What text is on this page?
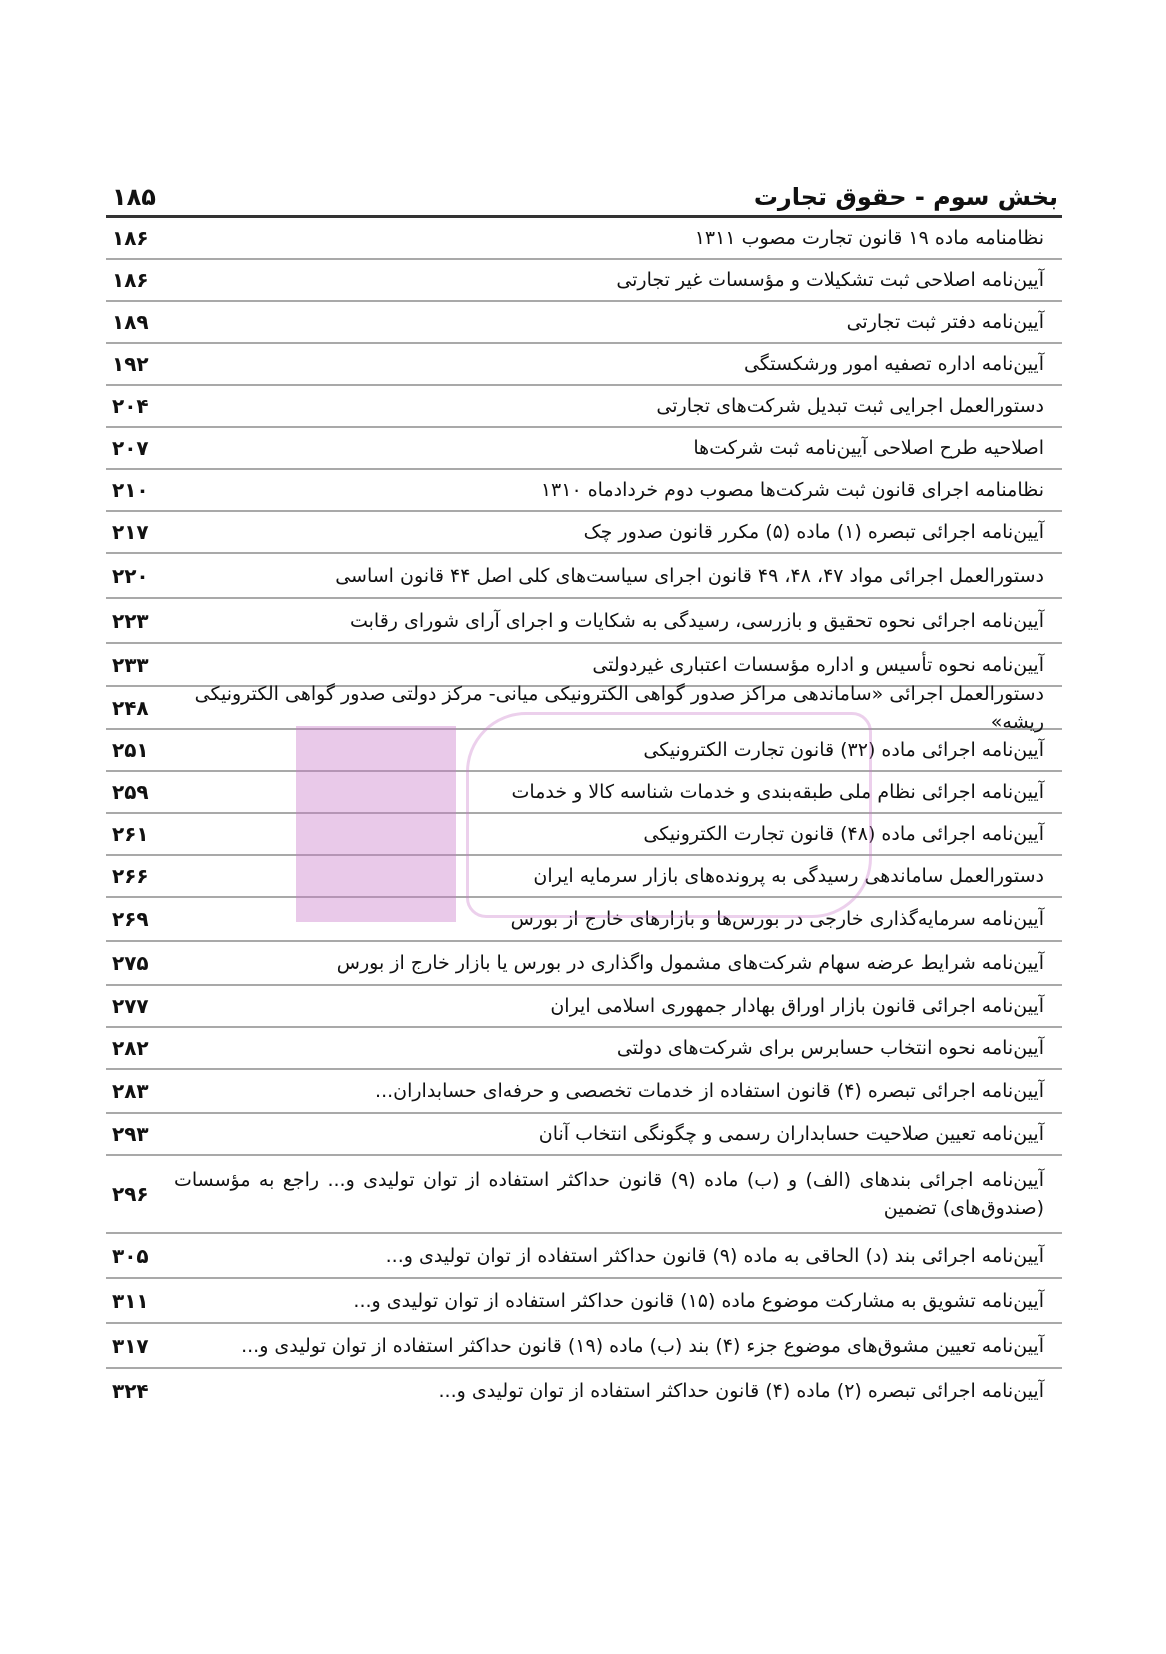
بخش سوم - حقوق تجارت
۱۸۵
نظامنامه ماده ۱۹ قانون تجارت مصوب ۱۳۱۱
۱۸۶
آیین‌نامه اصلاحی ثبت تشکیلات و مؤسسات غیر تجارتی
۱۸۶
آیین‌نامه دفتر ثبت تجارتی
۱۸۹
آیین‌نامه اداره تصفیه امور ورشکستگی
۱۹۲
دستورالعمل اجرایی ثبت تبدیل شرکت‌های تجارتی
۲۰۴
اصلاحیه طرح اصلاحی آیین‌نامه ثبت شرکت‌ها
۲۰۷
نظامنامه اجرای قانون ثبت شرکت‌ها مصوب دوم خردادماه ۱۳۱۰
۲۱۰
آیین‌نامه اجرائی تبصره (۱) ماده (۵) مکرر قانون صدور چک
۲۱۷
دستورالعمل اجرائی مواد ۴۷، ۴۸، ۴۹ قانون اجرای سیاست‌های کلی اصل ۴۴ قانون اساسی
۲۲۰
آیین‌نامه اجرائی نحوه تحقیق و بازرسی، رسیدگی به شکایات و اجرای آرای شورای رقابت
۲۲۳
آیین‌نامه نحوه تأسیس و اداره مؤسسات اعتباری غیردولتی
۲۳۳
دستورالعمل اجرائی «ساماندهی مراکز صدور گواهی الکترونیکی میانی- مرکز دولتی صدور گواهی الکترونیکی ریشه»
۲۴۸
آیین‌نامه اجرائی ماده (۳۲) قانون تجارت الکترونیکی
۲۵۱
آیین‌نامه اجرائی نظام ملی طبقه‌بندی و خدمات شناسه کالا و خدمات
۲۵۹
آیین‌نامه اجرائی ماده (۴۸) قانون تجارت الکترونیکی
۲۶۱
دستورالعمل ساماندهی رسیدگی به پرونده‌های بازار سرمایه ایران
۲۶۶
آیین‌نامه سرمایه‌گذاری خارجی در بورس‌ها و بازارهای خارج از بورس
۲۶۹
آیین‌نامه شرایط عرضه سهام شرکت‌های مشمول واگذاری در بورس یا بازار خارج از بورس
۲۷۵
آیین‌نامه اجرائی قانون بازار اوراق بهادار جمهوری اسلامی ایران
۲۷۷
آیین‌نامه نحوه انتخاب حسابرس برای شرکت‌های دولتی
۲۸۲
آیین‌نامه اجرائی تبصره (۴) قانون استفاده از خدمات تخصصی و حرفه‌ای حسابداران...
۲۸۳
آیین‌نامه تعیین صلاحیت حسابداران رسمی و چگونگی انتخاب آنان
۲۹۳
آیین‌نامه اجرائی بندهای (الف) و (ب) ماده (۹) قانون حداکثر استفاده از توان تولیدی و... راجع به مؤسسات (صندوق‌های) تضمین
۲۹۶
آیین‌نامه اجرائی بند (د) الحاقی به ماده (۹) قانون حداکثر استفاده از توان تولیدی و...
۳۰۵
آیین‌نامه تشویق به مشارکت موضوع ماده (۱۵) قانون حداکثر استفاده از توان تولیدی و...
۳۱۱
آیین‌نامه تعیین مشوق‌های موضوع جزء (۴) بند (ب) ماده (۱۹) قانون حداکثر استفاده از توان تولیدی و...
۳۱۷
آیین‌نامه اجرائی تبصره (۲) ماده (۴) قانون حداکثر استفاده از توان تولیدی و...
۳۲۴
